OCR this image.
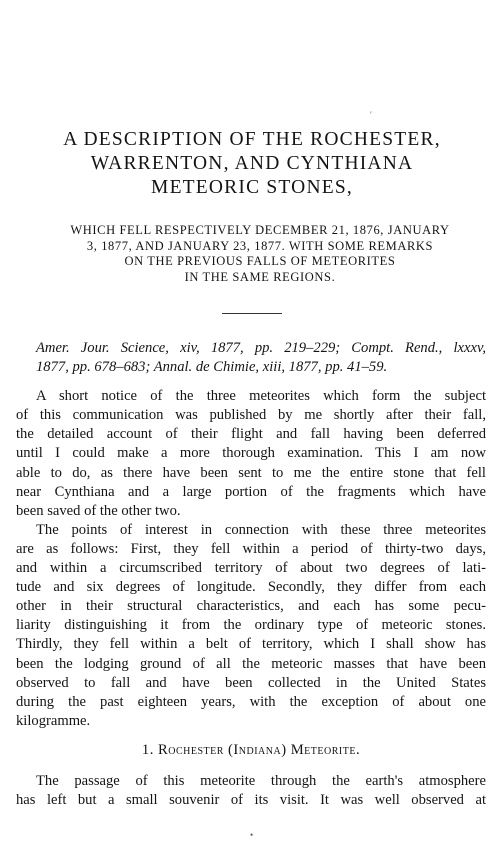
′
A DESCRIPTION OF THE ROCHESTER,
WARRENTON, AND CYNTHIANA
METEORIC STONES,
WHICH FELL RESPECTIVELY DECEMBER 21, 1876, JANUARY
3, 1877, AND JANUARY 23, 1877. WITH SOME REMARKS
ON THE PREVIOUS FALLS OF METEORITES
IN THE SAME REGIONS.
Amer. Jour. Science, xiv, 1877, pp. 219–229; Compt. Rend., lxxxv,
1877, pp. 678–683; Annal. de Chimie, xiii, 1877, pp. 41–59.
A short notice of the three meteorites which form the subject
of this communication was published by me shortly after their fall,
the detailed account of their flight and fall having been deferred
until I could make a more thorough examination. This I am now
able to do, as there have been sent to me the entire stone that fell
near Cynthiana and a large portion of the fragments which have
been saved of the other two.
The points of interest in connection with these three meteorites
are as follows: First, they fell within a period of thirty-two days,
and within a circumscribed territory of about two degrees of lati-
tude and six degrees of longitude. Secondly, they differ from each
other in their structural characteristics, and each has some pecu-
liarity distinguishing it from the ordinary type of meteoric stones.
Thirdly, they fell within a belt of territory, which I shall show has
been the lodging ground of all the meteoric masses that have been
observed to fall and have been collected in the United States
during the past eighteen years, with the exception of about one
kilogramme.
1. Rochester (Indiana) Meteorite.
The passage of this meteorite through the earth's atmosphere
has left but a small souvenir of its visit. It was well observed at
•
